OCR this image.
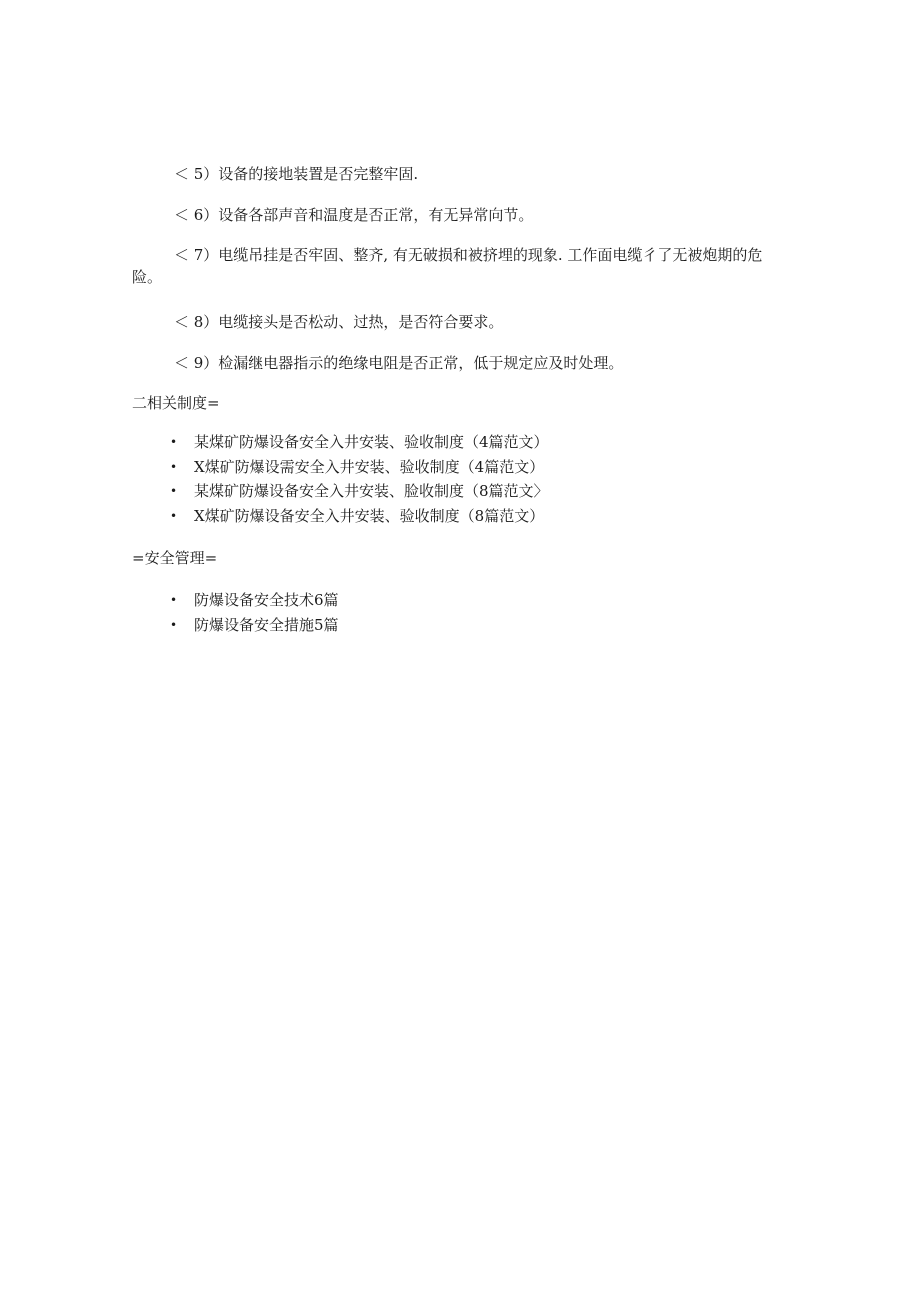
＜ 5）设备的接地装置是否完整牢固.

＜ 6）设备各部声音和温度是否正常，有无异常向节。

＜ 7）电缆吊挂是否牢固、整齐, 有无破损和被挤埋的现象. 工作面电缆彳了无被炮期的危险。

＜ 8）电缆接头是否松动、过热，是否符合要求。

＜ 9）检漏继电器指示的绝缘电阻是否正常，低于规定应及时处理。

二相关制度=

• 某煤矿防爆设备安全入井安装、验收制度（4篇范文）
• X煤矿防爆设需安全入井安装、验收制度（4篇范文）
• 某煤矿防爆设备安全入井安装、脸收制度（8篇范文〉
• X煤矿防爆设备安全入井安装、验收制度（8篇范文）

=安全管理=

• 防爆设备安全技术6篇
• 防爆设备安全措施5篇
